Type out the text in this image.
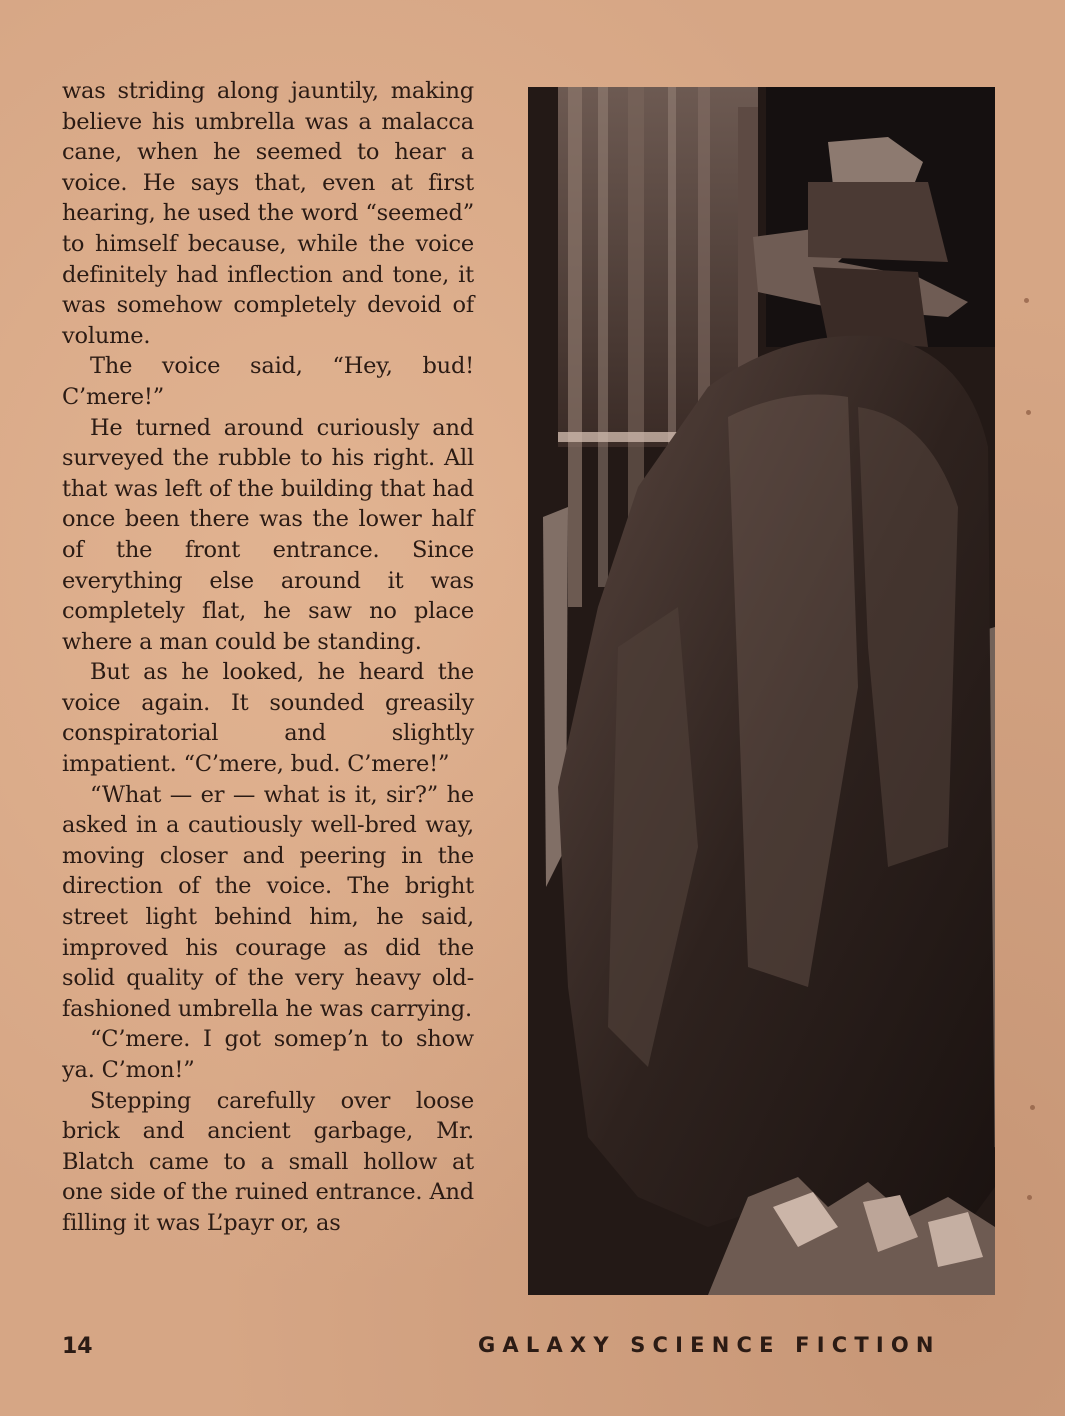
was striding along jauntily, making believe his umbrella was a malacca cane, when he seemed to hear a voice. He says that, even at first hearing, he used the word “seemed” to himself because, while the voice definitely had inflection and tone, it was somehow completely devoid of volume.

The voice said, “Hey, bud! C’mere!”

He turned around curiously and surveyed the rubble to his right. All that was left of the building that had once been there was the lower half of the front entrance. Since everything else around it was completely flat, he saw no place where a man could be standing.

But as he looked, he heard the voice again. It sounded greasily conspiratorial and slightly impatient. “C’mere, bud. C’mere!”

“What — er — what is it, sir?” he asked in a cautiously well-bred way, moving closer and peering in the direction of the voice. The bright street light behind him, he said, improved his courage as did the solid quality of the very heavy old-fashioned umbrella he was carrying.

“C’mere. I got somep’n to show ya. C’mon!”

Stepping carefully over loose brick and ancient garbage, Mr. Blatch came to a small hollow at one side of the ruined entrance. And filling it was L’payr or, as

14	GALAXY SCIENCE FICTION
